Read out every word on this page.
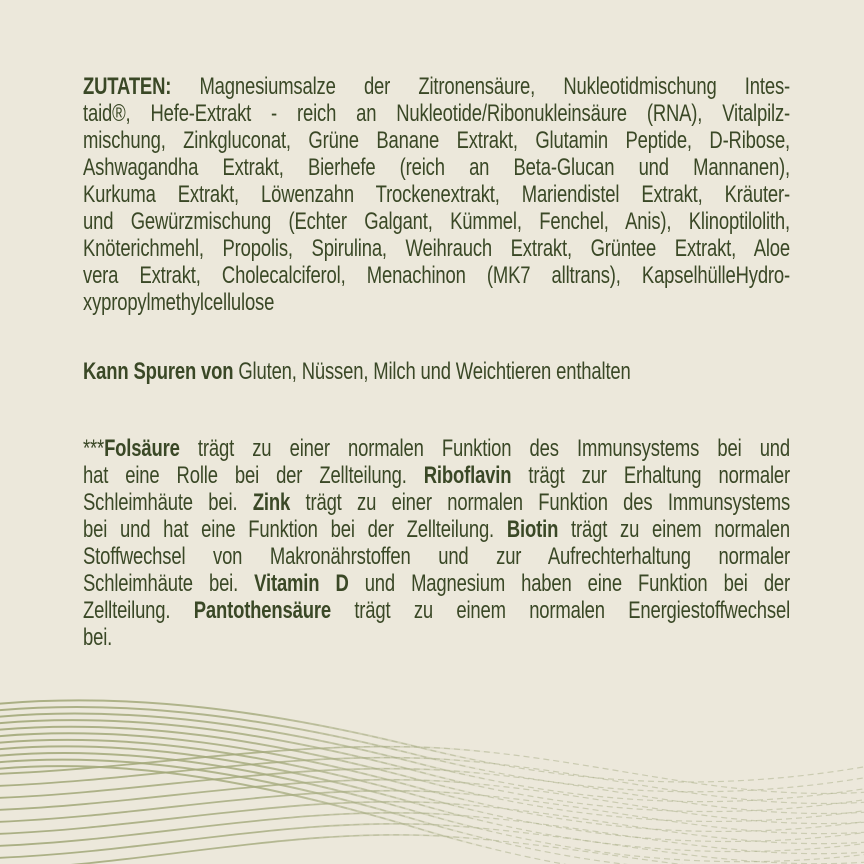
ZUTATEN: Magnesiumsalze der Zitronensäure, Nukleotidmischung Intes-
taid®, Hefe-Extrakt - reich an Nukleotide/Ribonukleinsäure (RNA), Vitalpilz-
mischung, Zinkgluconat, Grüne Banane Extrakt, Glutamin Peptide, D-Ribose,
Ashwagandha Extrakt, Bierhefe (reich an Beta-Glucan und Mannanen),
Kurkuma Extrakt, Löwenzahn Trockenextrakt, Mariendistel Extrakt, Kräuter-
und Gewürzmischung (Echter Galgant, Kümmel, Fenchel, Anis), Klinoptilolith,
Knöterichmehl, Propolis, Spirulina, Weihrauch Extrakt, Grüntee Extrakt, Aloe
vera Extrakt, Cholecalciferol, Menachinon (MK7 alltrans), KapselhülleHydro-
xypropylmethylcellulose
Kann Spuren von Gluten, Nüssen, Milch und Weichtieren enthalten
***Folsäure trägt zu einer normalen Funktion des Immunsystems bei und
hat eine Rolle bei der Zellteilung. Riboflavin trägt zur Erhaltung normaler
Schleimhäute bei. Zink trägt zu einer normalen Funktion des Immunsystems
bei und hat eine Funktion bei der Zellteilung. Biotin trägt zu einem normalen
Stoffwechsel von Makronährstoffen und zur Aufrechterhaltung normaler
Schleimhäute bei. Vitamin D und Magnesium haben eine Funktion bei der
Zellteilung. Pantothensäure trägt zu einem normalen Energiestoffwechsel
bei.
